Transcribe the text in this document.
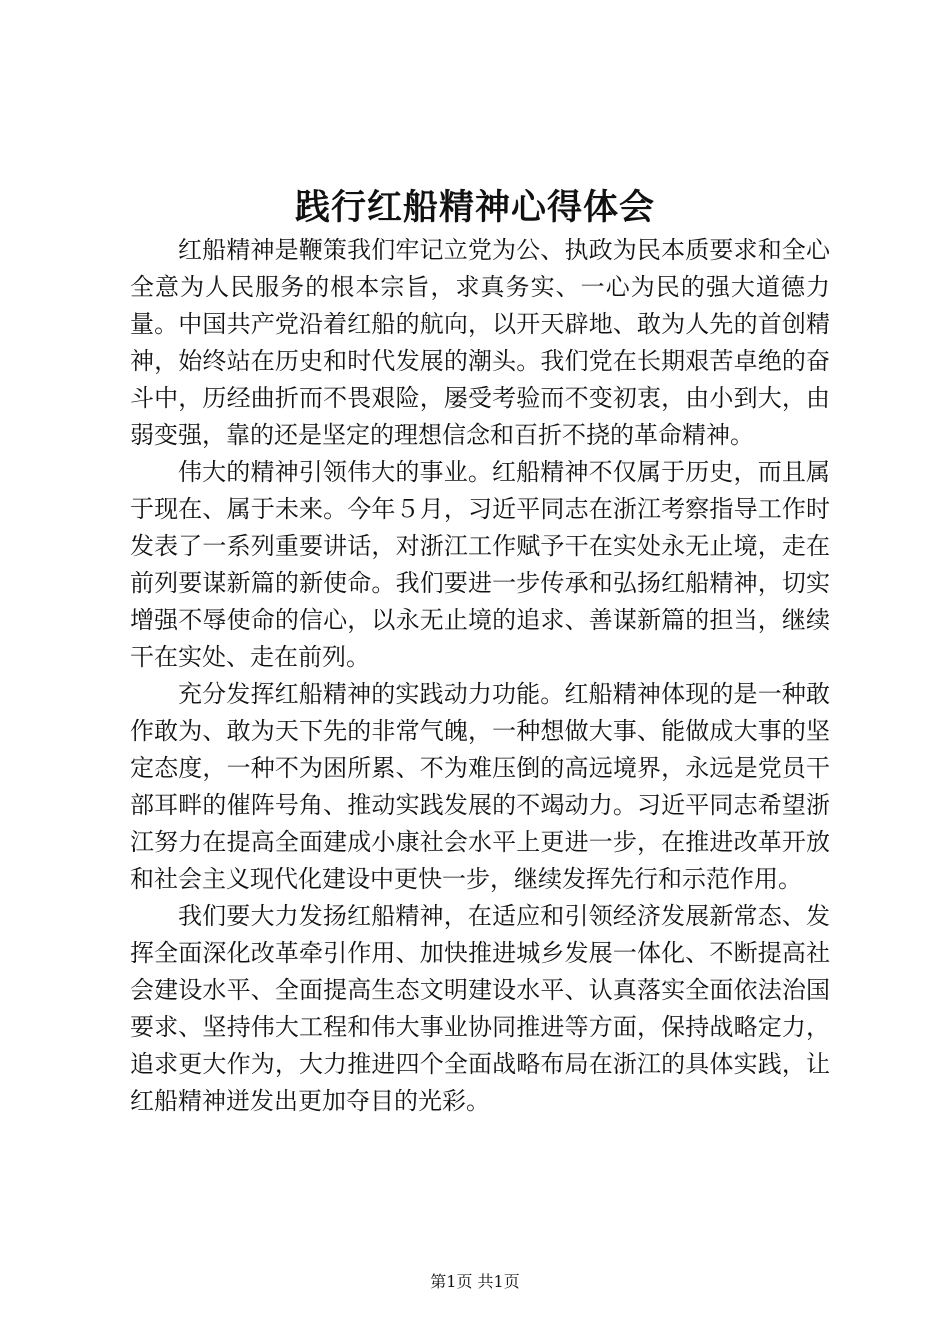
践行红船精神心得体会

红船精神是鞭策我们牢记立党为公、执政为民本质要求和全心全意为人民服务的根本宗旨，求真务实、一心为民的强大道德力量。中国共产党沿着红船的航向，以开天辟地、敢为人先的首创精神，始终站在历史和时代发展的潮头。我们党在长期艰苦卓绝的奋斗中，历经曲折而不畏艰险，屡受考验而不变初衷，由小到大，由弱变强，靠的还是坚定的理想信念和百折不挠的革命精神。

伟大的精神引领伟大的事业。红船精神不仅属于历史，而且属于现在、属于未来。今年５月，习近平同志在浙江考察指导工作时发表了一系列重要讲话，对浙江工作赋予干在实处永无止境，走在前列要谋新篇的新使命。我们要进一步传承和弘扬红船精神，切实增强不辱使命的信心，以永无止境的追求、善谋新篇的担当，继续干在实处、走在前列。

充分发挥红船精神的实践动力功能。红船精神体现的是一种敢作敢为、敢为天下先的非常气魄，一种想做大事、能做成大事的坚定态度，一种不为困所累、不为难压倒的高远境界，永远是党员干部耳畔的催阵号角、推动实践发展的不竭动力。习近平同志希望浙江努力在提高全面建成小康社会水平上更进一步，在推进改革开放和社会主义现代化建设中更快一步，继续发挥先行和示范作用。

我们要大力发扬红船精神，在适应和引领经济发展新常态、发挥全面深化改革牵引作用、加快推进城乡发展一体化、不断提高社会建设水平、全面提高生态文明建设水平、认真落实全面依法治国要求、坚持伟大工程和伟大事业协同推进等方面，保持战略定力，追求更大作为，大力推进四个全面战略布局在浙江的具体实践，让红船精神迸发出更加夺目的光彩。

第1页 共1页
